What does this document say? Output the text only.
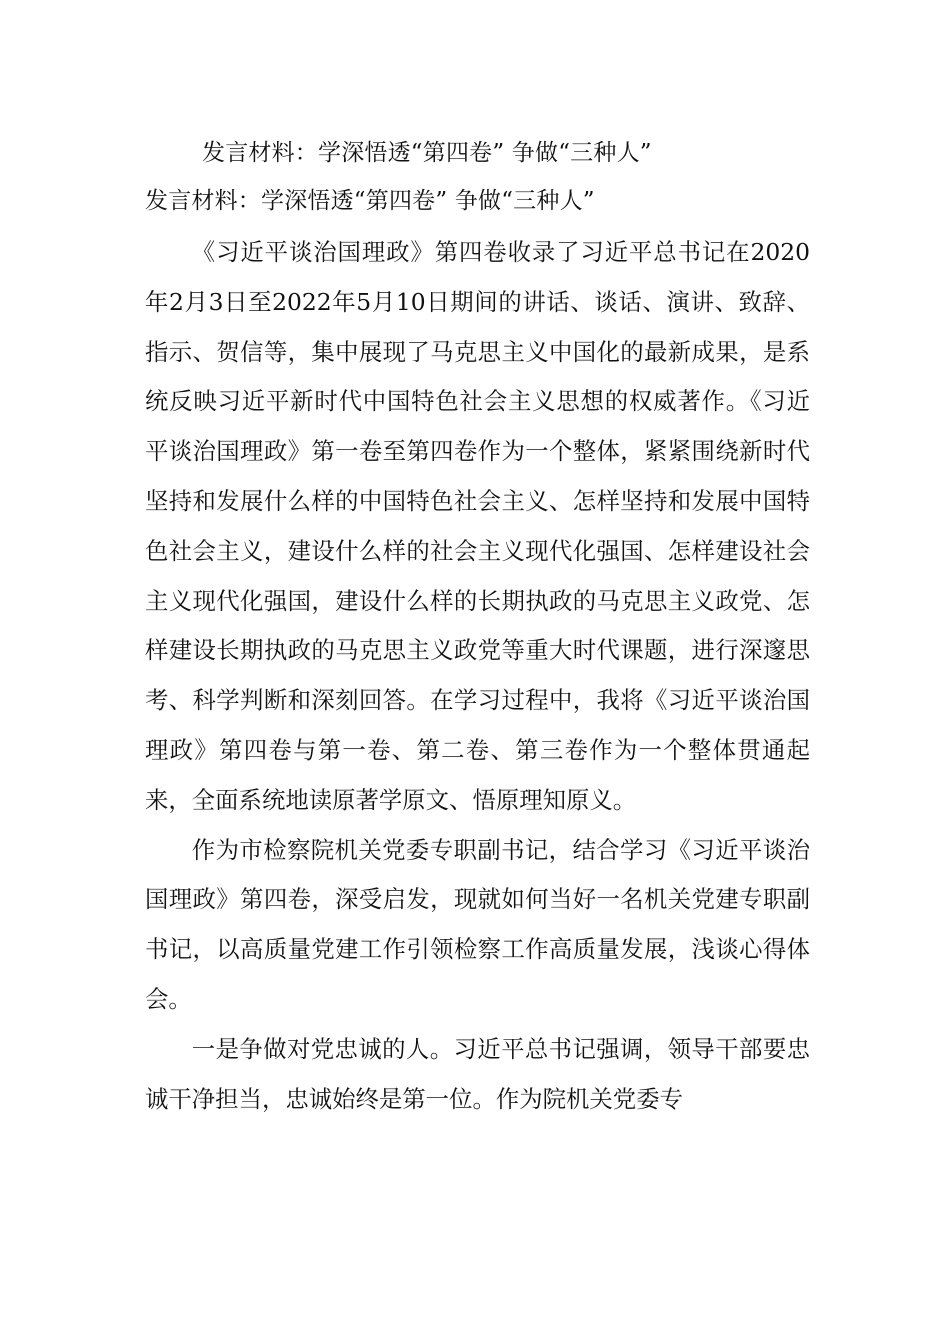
发言材料：学深悟透“第四卷” 争做“三种人”
发言材料：学深悟透“第四卷” 争做“三种人”

《习近平谈治国理政》第四卷收录了习近平总书记在2020年2月3日至2022年5月10日期间的讲话、谈话、演讲、致辞、指示、贺信等，集中展现了马克思主义中国化的最新成果，是系统反映习近平新时代中国特色社会主义思想的权威著作。《习近平谈治国理政》第一卷至第四卷作为一个整体，紧紧围绕新时代坚持和发展什么样的中国特色社会主义、怎样坚持和发展中国特色社会主义，建设什么样的社会主义现代化强国、怎样建设社会主义现代化强国，建设什么样的长期执政的马克思主义政党、怎样建设长期执政的马克思主义政党等重大时代课题，进行深邃思考、科学判断和深刻回答。在学习过程中，我将《习近平谈治国理政》第四卷与第一卷、第二卷、第三卷作为一个整体贯通起来，全面系统地读原著学原文、悟原理知原义。

作为市检察院机关党委专职副书记，结合学习《习近平谈治国理政》第四卷，深受启发，现就如何当好一名机关党建专职副书记，以高质量党建工作引领检察工作高质量发展，浅谈心得体会。

一是争做对党忠诚的人。习近平总书记强调，领导干部要忠诚干净担当，忠诚始终是第一位。作为院机关党委专
